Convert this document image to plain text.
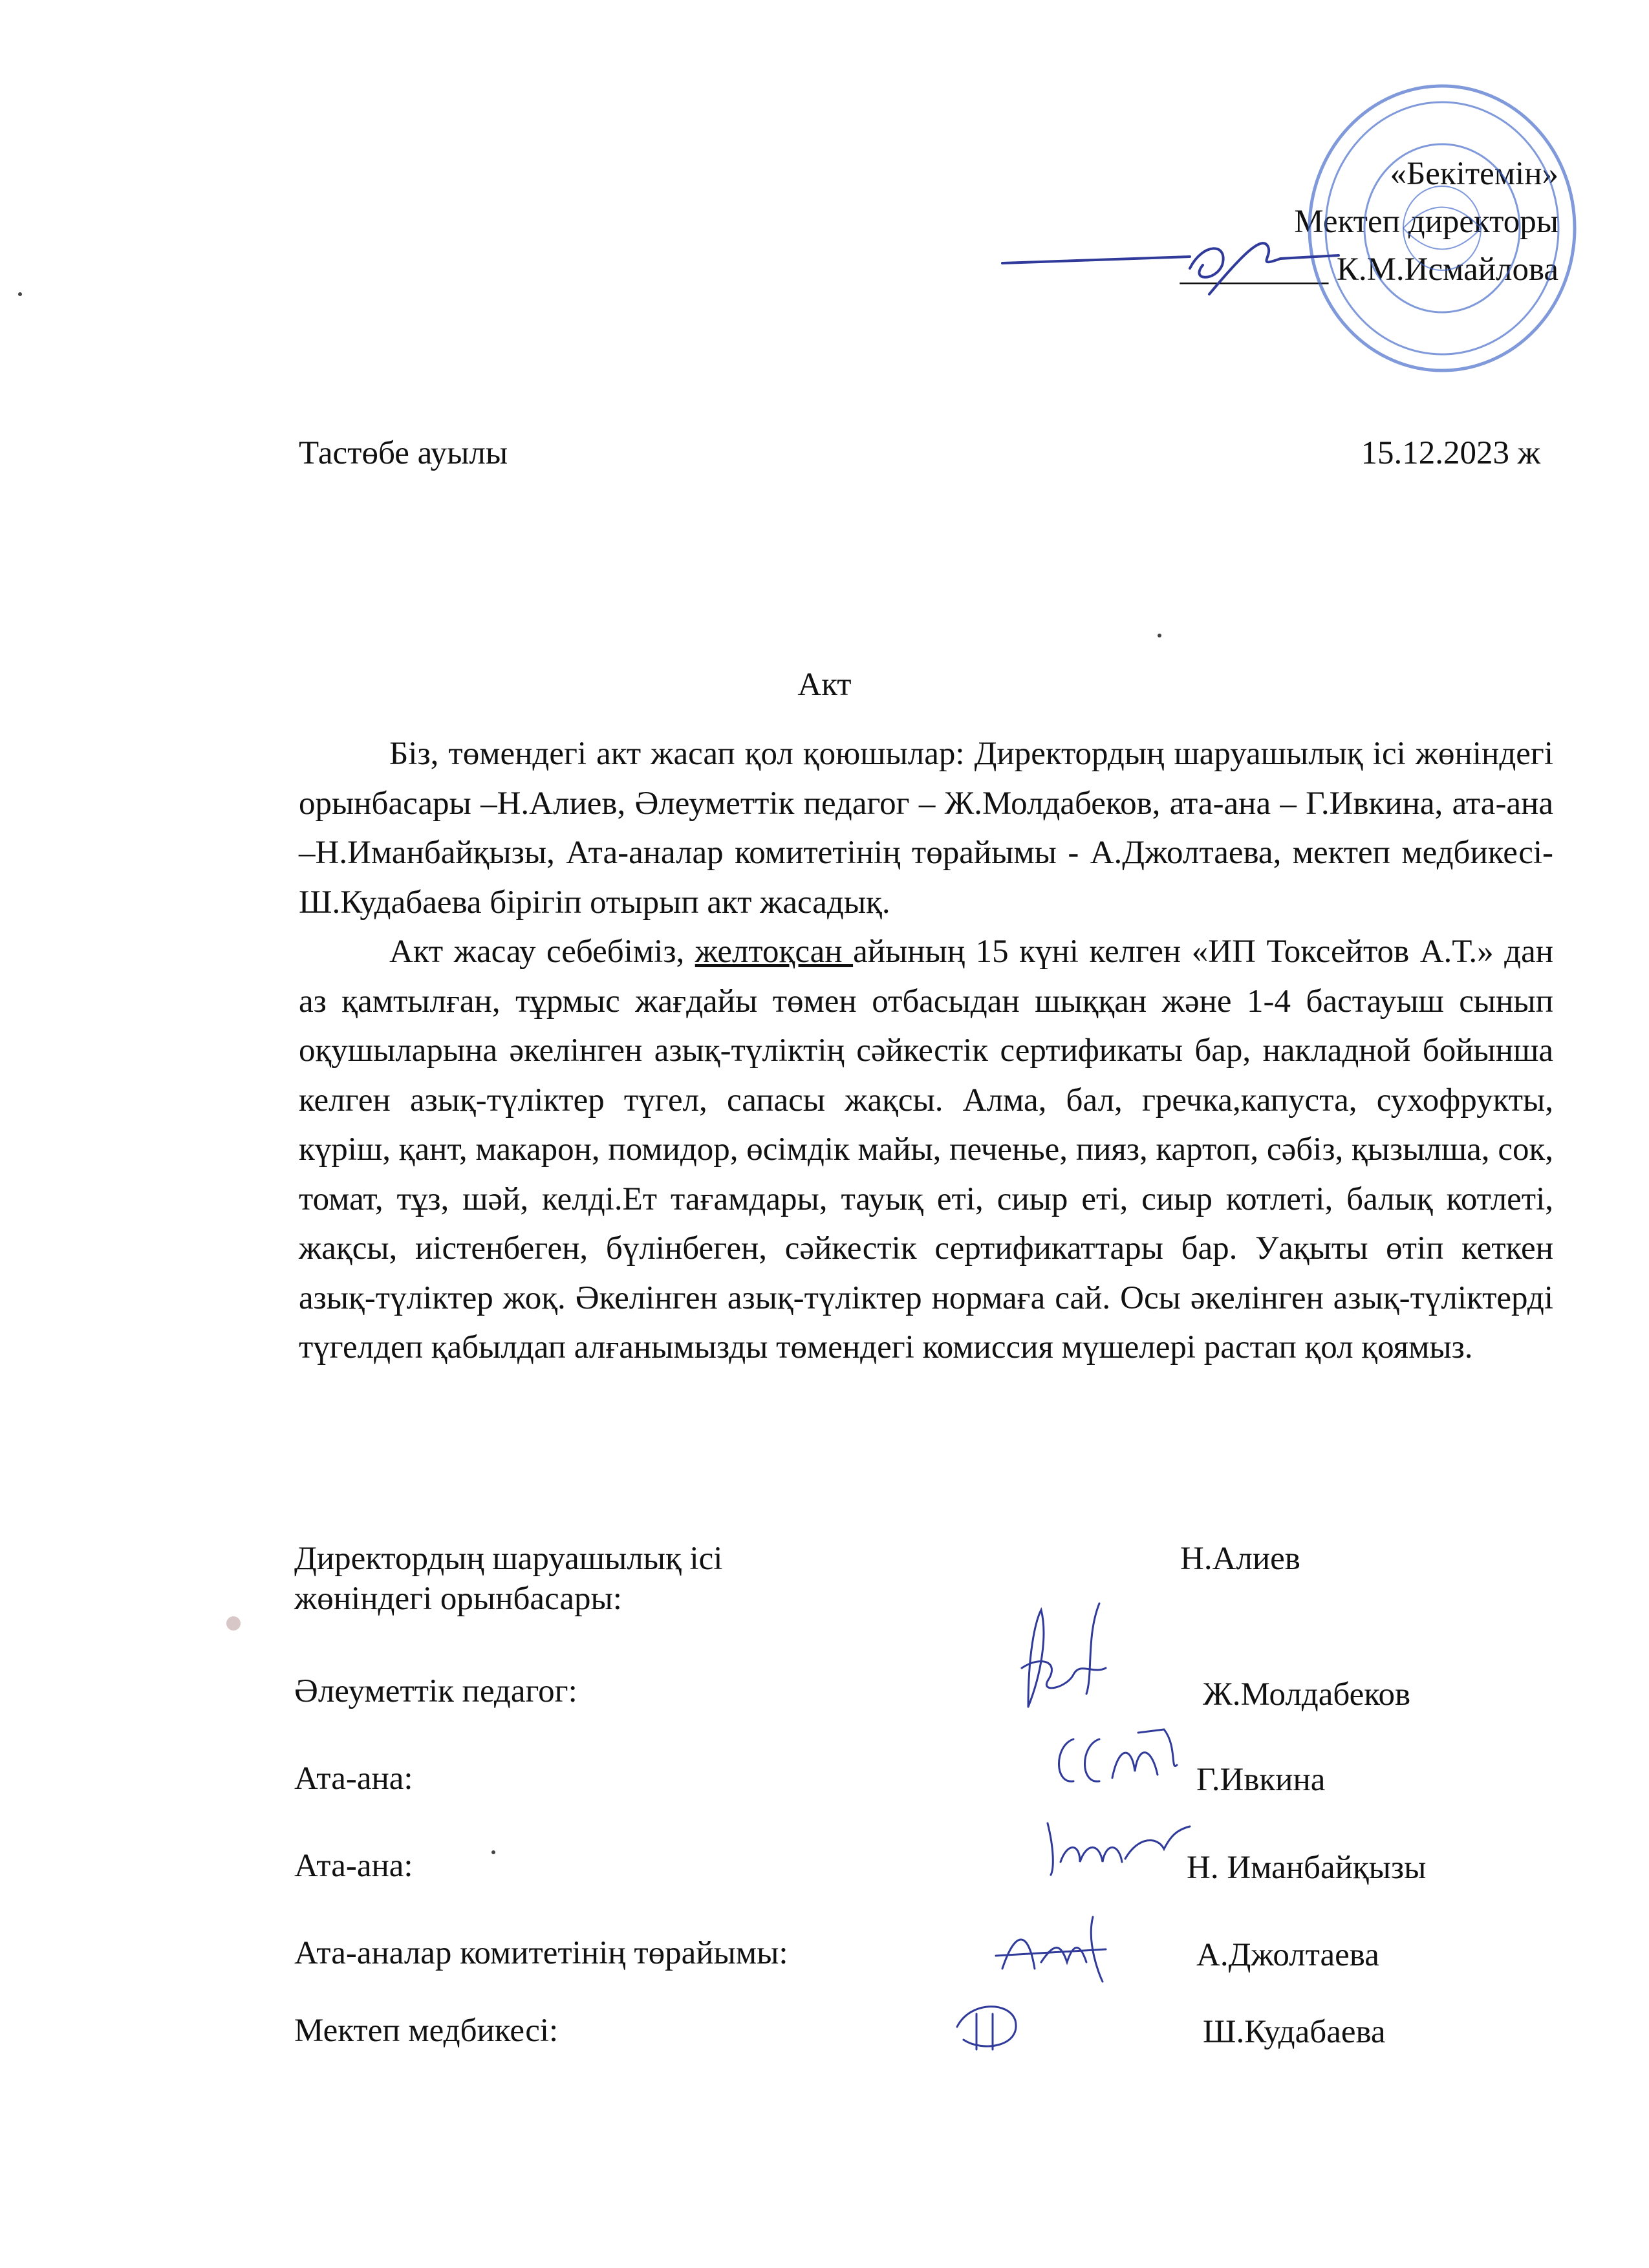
«Бекітемін»
Мектеп директоры
_________ К.М.Исмайлова
Тастөбе ауылы	15.12.2023 ж
Акт

Біз, төмендегі акт жасап қол қоюшылар: Директордың шаруашылық ісі жөніндегі орынбасары –Н.Алиев, Әлеуметтік педагог – Ж.Молдабеков, ата-ана – Г.Ивкина, ата-ана –Н.Иманбайқызы, Ата-аналар комитетінің төрайымы - А.Джолтаева, мектеп медбикесі-Ш.Кудабаева бірігіп отырып акт жасадық.

Акт жасау себебіміз, желтоқсан айының 15 күні келген «ИП Токсейтов А.Т.» дан аз қамтылған, тұрмыс жағдайы төмен отбасыдан шыққан және 1-4 бастауыш сынып оқушыларына әкелінген азық-түліктің сәйкестік сертификаты бар, накладной бойынша келген азық-түліктер түгел, сапасы жақсы. Алма, бал, гречка,капуста, сухофрукты, күріш, қант, макарон, помидор, өсімдік майы, печенье, пияз, картоп, сәбіз, қызылша, сок, томат, тұз, шәй, келді.Ет тағамдары, тауық еті, сиыр еті, сиыр котлеті, балық котлеті, жақсы, иістенбеген, бүлінбеген, сәйкестік сертификаттары бар. Уақыты өтіп кеткен азық-түліктер жоқ. Әкелінген азық-түліктер нормаға сай. Осы әкелінген азық-түліктерді түгелдеп қабылдап алғанымызды төмендегі комиссия мүшелері растап қол қоямыз.

Директордың шаруашылық ісі
жөніндегі орынбасары:
Н.Алиев
Әлеуметтік педагог:	Ж.Молдабеков
Ата-ана:	Г.Ивкина
Ата-ана:	Н. Иманбайқызы
Ата-аналар комитетінің төрайымы:	А.Джолтаева
Мектеп медбикесі:	Ш.Кудабаева
